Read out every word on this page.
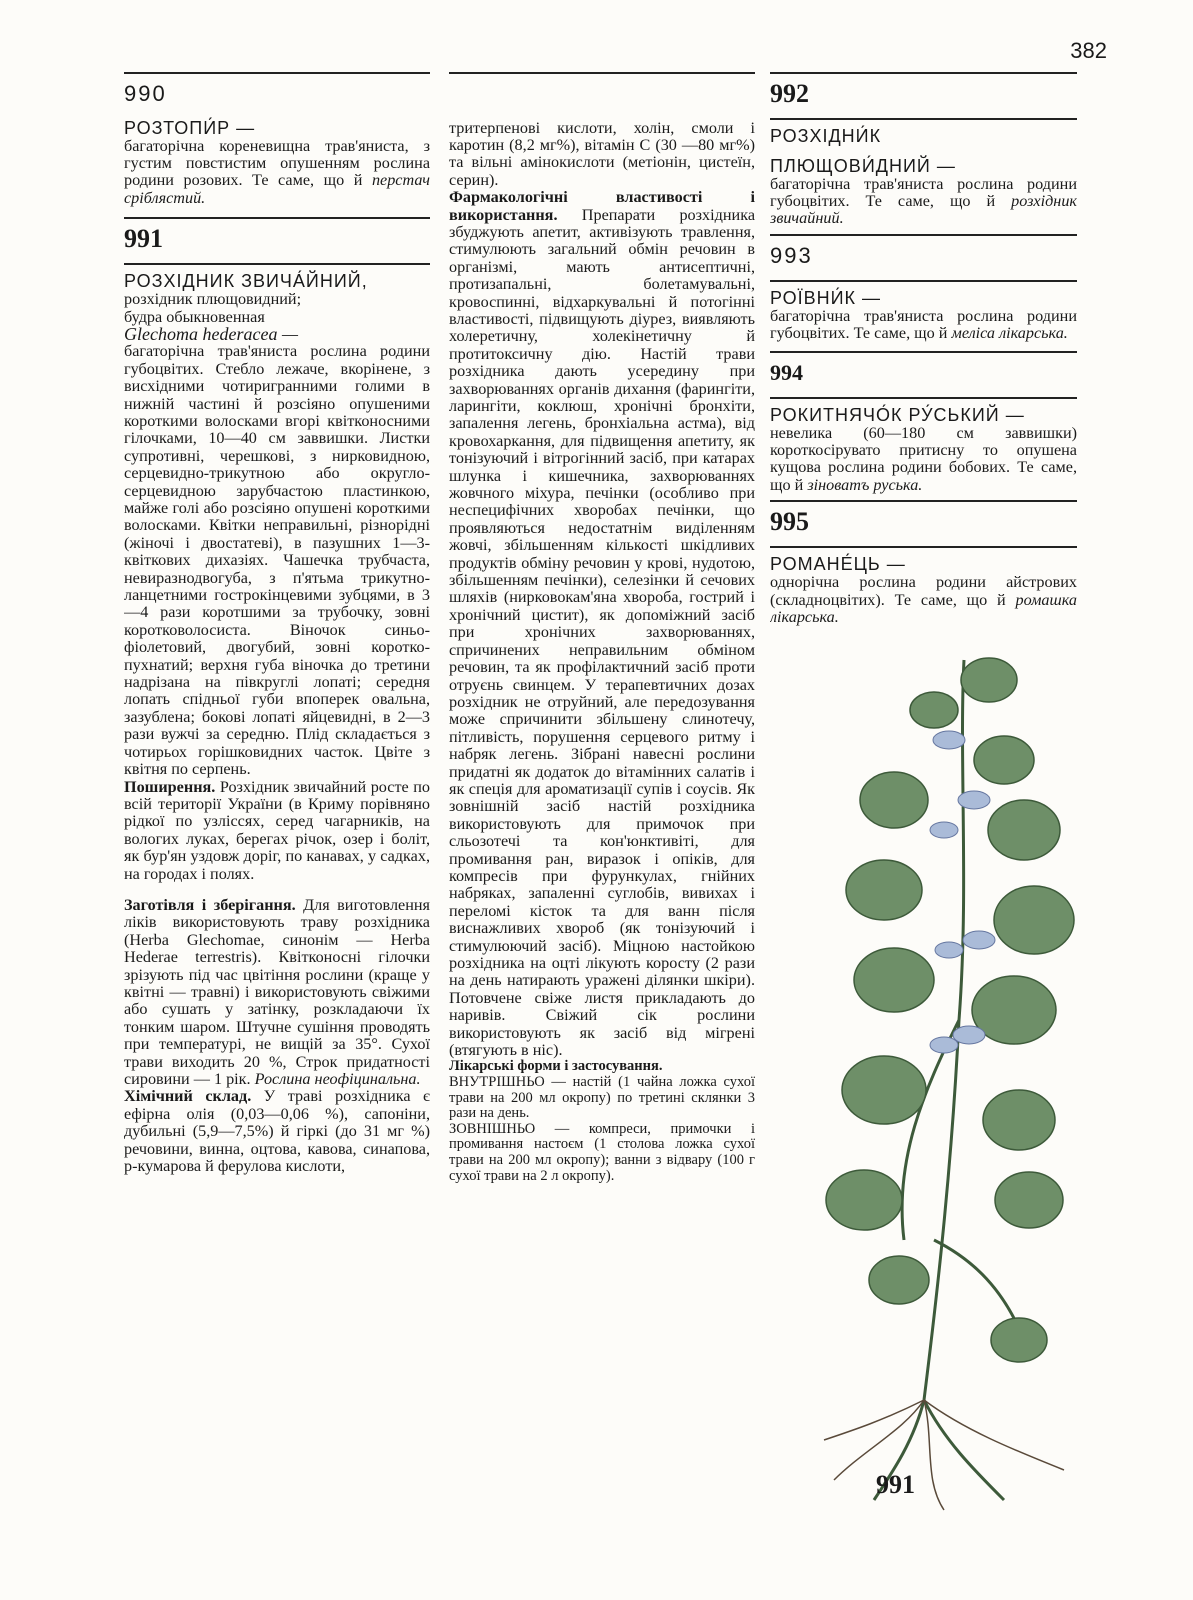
382
990
РОЗТОПИ́Р —

багаторічна кореневищна трав'яниста, з густим повстистим опушенням рослина родини розових. Те саме, що й перстач сріблястий.

991
РОЗХІДНИК ЗВИЧА́ЙНИЙ,

розхідник плющовидний;

будра обыкновенная

Glechoma hederacea —

багаторічна трав'яниста рослина родини губоцвітих. Стебло лежаче, вкорінене, з висхідними чотиригранними голими в нижній частині й розсіяно опушеними короткими волосками вгорі квітконосними гілочками, 10—40 см заввишки. Листки супротивні, черешкові, з нирковидною, серцевидно-трикутною або округло-серцевидною зарубчастою пластинкою, майже голі або розсіяно опушені короткими волосками. Квітки неправильні, різнорідні (жіночі і двостатеві), в пазушних 1—3-квіткових дихазіях. Чашечка трубчаста, невиразнодвогуба, з п'ятьма трикутно-ланцетними гострокінцевими зубцями, в 3—4 рази коротшими за трубочку, зовні коротковолосиста. Віночок синьо-фіолетовий, двогубий, зовні коротко-пухнатий; верхня губа віночка до третини надрізана на півкруглі лопаті; середня лопать спідньої губи впоперек овальна, зазублена; бокові лопаті яйцевидні, в 2—3 рази вужчі за середню. Плід складається з чотирьох горішковидних часток. Цвіте з квітня по серпень.

Поширення. Розхідник звичайний росте по всій території України (в Криму порівняно рідкої по узліссях, серед чагарників, на вологих луках, берегах річок, озер і боліт, як бур'ян уздовж доріг, по канавах, у садках, на городах і полях.

Заготівля і зберігання. Для виготовлення ліків використовують траву розхідника (Herba Glechomae, синонім — Herba Hederae terrestris). Квітконосні гілочки зрізують під час цвітіння рослини (краще у квітні — травні) і використовують свіжими або сушать у затінку, розкладаючи їх тонким шаром. Штучне сушіння проводять при температурі, не вищій за 35°. Сухої трави виходить 20 %, Строк придатності сировини — 1 рік. Рослина неофіцинальна.

Хімічний склад. У траві розхідника є ефірна олія (0,03—0,06 %), сапоніни, дубильні (5,9—7,5%) й гіркі (до 31 мг %) речовини, винна, оцтова, кавова, синапова, р-кумарова й ферулова кислоти,

тритерпенові кислоти, холін, смоли і каротин (8,2 мг%), вітамін С (30 —80 мг%) та вільні амінокислоти (метіонін, цистеїн, серин).

Фармакологічні властивості і використання. Препарати розхідника збуджують апетит, активізують травлення, стимулюють загальний обмін речовин в організмі, мають антисептичні, протизапальні, болетамувальні, кровоспинні, відхаркувальні й потогінні властивості, підвищують діурез, виявляють холеретичну, холекінетичну й протитоксичну дію. Настій трави розхідника дають усередину при захворюваннях органів дихання (фарингіти, ларингіти, коклюш, хронічні бронхіти, запалення легень, бронхіальна астма), від кровохаркання, для підвищення апетиту, як тонізуючий і вітрогінний засіб, при катарах шлунка і кишечника, захворюваннях жовчного міхура, печінки (особливо при неспецифічних хворобах печінки, що проявляються недостатнім виділенням жовчі, збільшенням кількості шкідливих продуктів обміну речовин у крові, нудотою, збільшенням печінки), селезінки й сечових шляхів (нирковокам'яна хвороба, гострий і хронічний цистит), як допоміжний засіб при хронічних захворюваннях, спричинених неправильним обміном речовин, та як профілактичний засіб проти отруєнь свинцем. У терапевтичних дозах розхідник не отруйний, але передозування може спричинити збільшену слинотечу, пітливість, порушення серцевого ритму і набряк легень. Зібрані навесні рослини придатні як додаток до вітамінних салатів і як спеція для ароматизації супів і соусів. Як зовнішній засіб настій розхідника використовують для примочок при сльозотечі та кон'юнктивіті, для промивання ран, виразок і опіків, для компресів при фурункулах, гнійних набряках, запаленні суглобів, вивихах і переломі кісток та для ванн після виснажливих хвороб (як тонізуючий і стимулюючий засіб). Міцною настойкою розхідника на оцті лікують коросту (2 рази на день натирають уражені ділянки шкіри). Потовчене свіже листя прикладають до наривів. Свіжий сік рослини використовують як засіб від мігрені (втягують в ніс).

Лікарські форми і застосування.

ВНУТРІШНЬО — настій (1 чайна ложка сухої трави на 200 мл окропу) по третині склянки 3 рази на день.

ЗОВНІШНЬО — компреси, примочки і промивання настоєм (1 столова ложка сухої трави на 200 мл окропу); ванни з відвару (100 г сухої трави на 2 л окропу).

992
РОЗХІДНИ́К
ПЛЮЩОВИ́ДНИЙ —

багаторічна трав'яниста рослина родини губоцвітих. Те саме, що й розхідник звичайний.

993
РОЇВНИ́К —

багаторічна трав'яниста рослина родини губоцвітих. Те саме, що й меліса лікарська.

994
РОКИТНЯЧО́К РУ́СЬКИЙ —

невелика (60—180 см заввишки) короткосірувато притисну то опушена кущова рослина родини бобових. Те саме, що й зіноватъ руська.

995
РОМАНЕ́ЦЬ —

однорічна рослина родини айстрових (складноцвітих). Те саме, що й ромашка лікарська.

991
